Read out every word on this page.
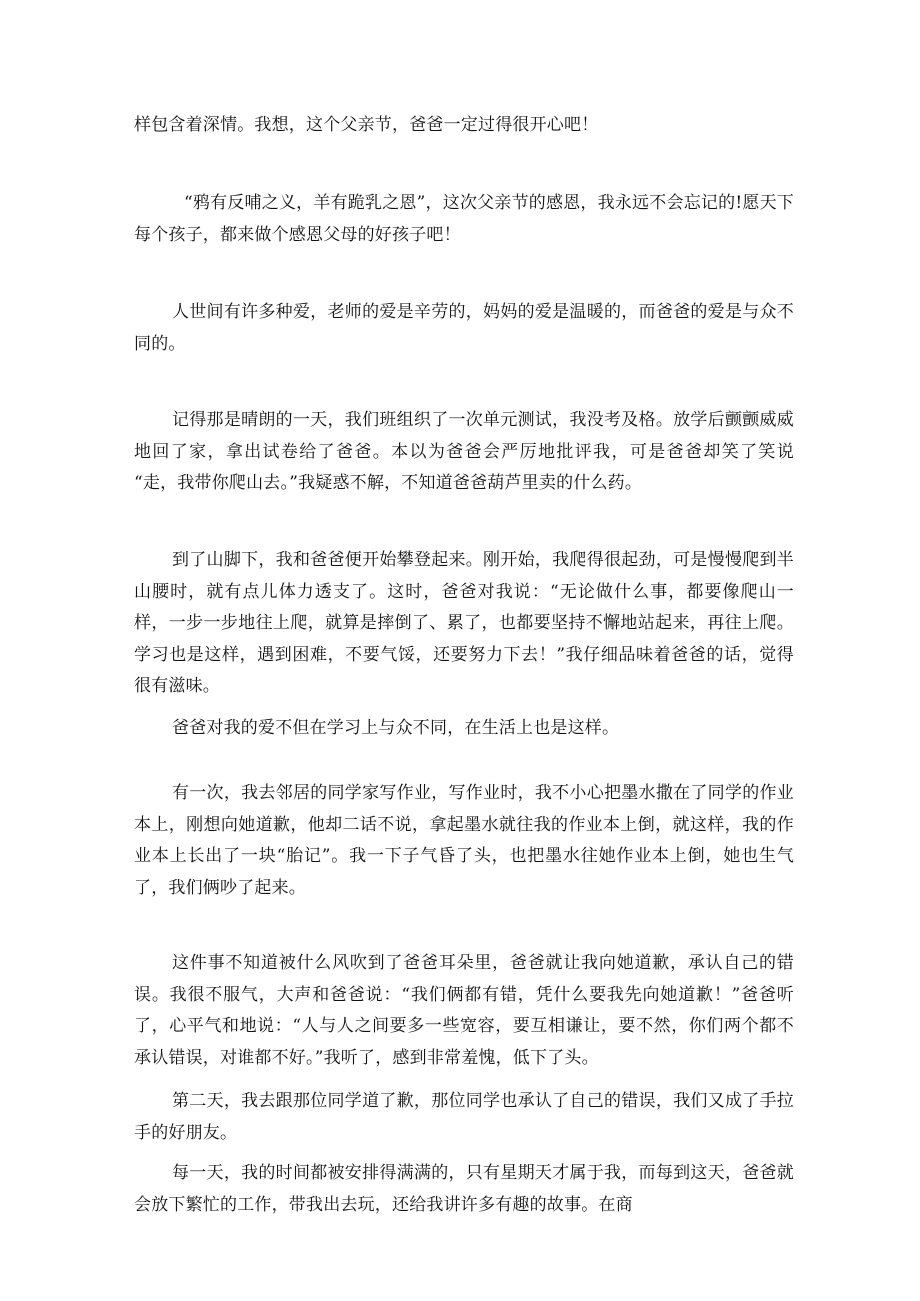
样包含着深情。我想，这个父亲节，爸爸一定过得很开心吧！

“鸦有反哺之义，羊有跪乳之恩”，这次父亲节的感恩，我永远不会忘记的!愿天下每个孩子，都来做个感恩父母的好孩子吧！

人世间有许多种爱，老师的爱是辛劳的，妈妈的爱是温暖的，而爸爸的爱是与众不同的。

记得那是晴朗的一天，我们班组织了一次单元测试，我没考及格。放学后颤颤威威地回了家，拿出试卷给了爸爸。本以为爸爸会严厉地批评我，可是爸爸却笑了笑说 “走，我带你爬山去。”我疑惑不解，不知道爸爸葫芦里卖的什么药。

到了山脚下，我和爸爸便开始攀登起来。刚开始，我爬得很起劲，可是慢慢爬到半山腰时，就有点儿体力透支了。这时，爸爸对我说：“无论做什么事，都要像爬山一样，一步一步地往上爬，就算是摔倒了、累了，也都要坚持不懈地站起来，再往上爬。学习也是这样，遇到困难，不要气馁，还要努力下去！”我仔细品味着爸爸的话，觉得很有滋味。

爸爸对我的爱不但在学习上与众不同，在生活上也是这样。

有一次，我去邻居的同学家写作业，写作业时，我不小心把墨水撒在了同学的作业本上，刚想向她道歉，他却二话不说，拿起墨水就往我的作业本上倒，就这样，我的作业本上长出了一块“胎记”。我一下子气昏了头，也把墨水往她作业本上倒，她也生气了，我们俩吵了起来。

这件事不知道被什么风吹到了爸爸耳朵里，爸爸就让我向她道歉，承认自己的错误。我很不服气，大声和爸爸说：“我们俩都有错，凭什么要我先向她道歉！”爸爸听了，心平气和地说：“人与人之间要多一些宽容，要互相谦让，要不然，你们两个都不承认错误，对谁都不好。”我听了，感到非常羞愧，低下了头。

第二天，我去跟那位同学道了歉，那位同学也承认了自己的错误，我们又成了手拉手的好朋友。

每一天，我的时间都被安排得满满的，只有星期天才属于我，而每到这天，爸爸就会放下繁忙的工作，带我出去玩，还给我讲许多有趣的故事。在商
